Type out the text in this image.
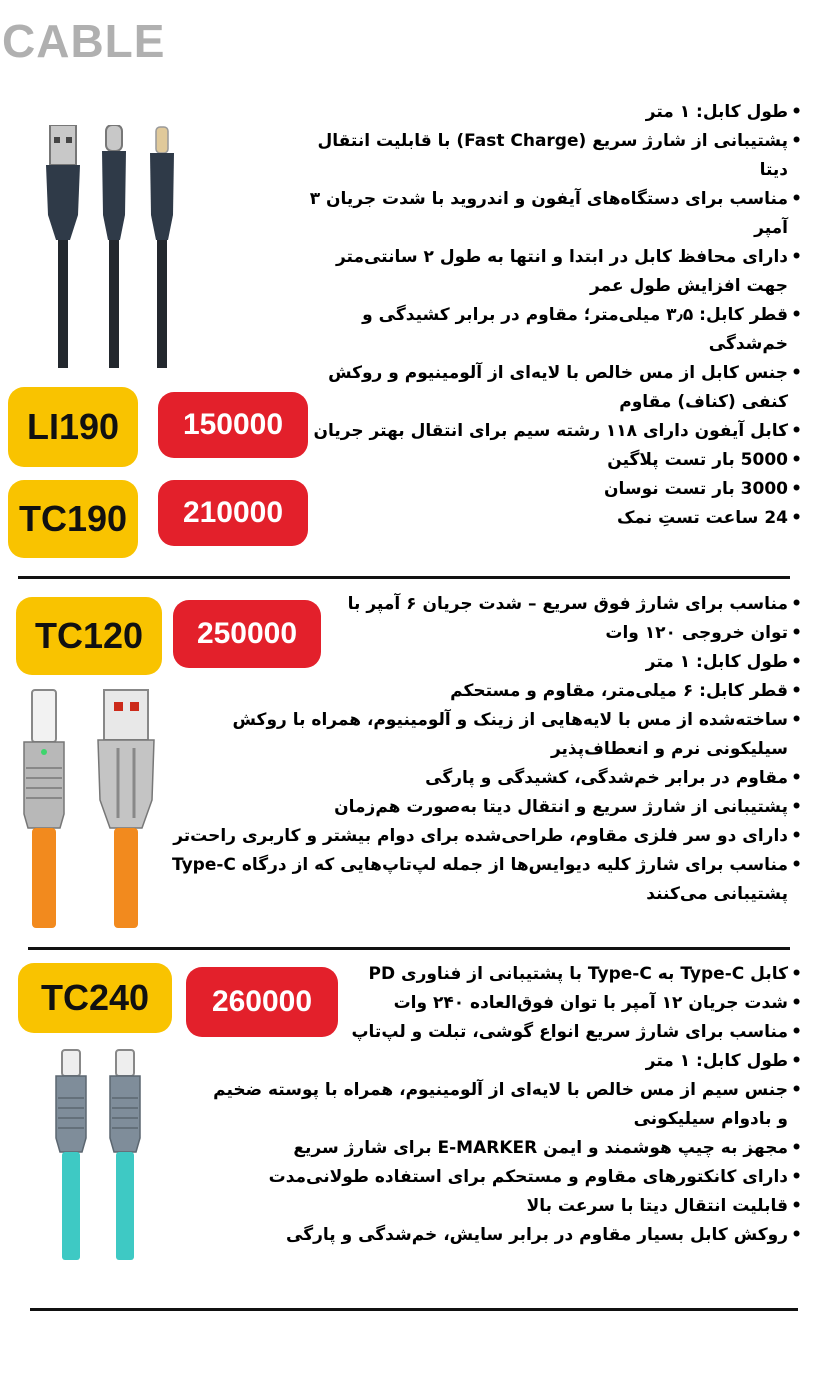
CABLE
LI190	150000
TC190	210000
• طول کابل: ۱ متر
• پشتیبانی از شارژ سریع (Fast Charge) با قابلیت انتقال دیتا
• مناسب برای دستگاه‌های آیفون و اندروید با شدت جریان ۳ آمپر
• دارای محافظ کابل در ابتدا و انتها به طول ۲ سانتی‌متر جهت افزایش طول عمر
• قطر کابل: ۳٫۵ میلی‌متر؛ مقاوم در برابر کشیدگی و خم‌شدگی
• جنس کابل از مس خالص با لایه‌ای از آلومینیوم و روکش کنفی (کناف) مقاوم
• کابل آیفون دارای ۱۱۸ رشته سیم برای انتقال بهتر جریان
• 5000 بار تست پلاگین
• 3000 بار تست نوسان
• 24 ساعت تستِ نمک
TC120	250000
• مناسب برای شارژ فوق سریع – شدت جریان ۶ آمپر با
• توان خروجی ۱۲۰ وات
• طول کابل: ۱ متر
• قطر کابل: ۶ میلی‌متر، مقاوم و مستحکم
• ساخته‌شده از مس با لایه‌هایی از زینک و آلومینیوم، همراه با روکش سیلیکونی نرم و انعطاف‌پذیر
• مقاوم در برابر خم‌شدگی، کشیدگی و پارگی
• پشتیبانی از شارژ سریع و انتقال دیتا به‌صورت هم‌زمان
• دارای دو سر فلزی مقاوم، طراحی‌شده برای دوام بیشتر و کاربری راحت‌تر
• مناسب برای شارژ کلیه دیوایس‌ها از جمله لپ‌تاپ‌هایی که از درگاه Type-C پشتیبانی می‌کنند
TC240	260000
• کابل Type-C به Type-C با پشتیبانی از فناوری PD
• شدت جریان ۱۲ آمپر با توان فوق‌العاده ۲۴۰ وات
• مناسب برای شارژ سریع انواع گوشی، تبلت و لپ‌تاپ
• طول کابل: ۱ متر
• جنس سیم از مس خالص با لایه‌ای از آلومینیوم، همراه با پوسته ضخیم و بادوام سیلیکونی
• مجهز به چیپ هوشمند و ایمن E-MARKER برای شارژ سریع
• دارای کانکتورهای مقاوم و مستحکم برای استفاده طولانی‌مدت
• قابلیت انتقال دیتا با سرعت بالا
• روکش کابل بسیار مقاوم در برابر سایش، خم‌شدگی و پارگی
